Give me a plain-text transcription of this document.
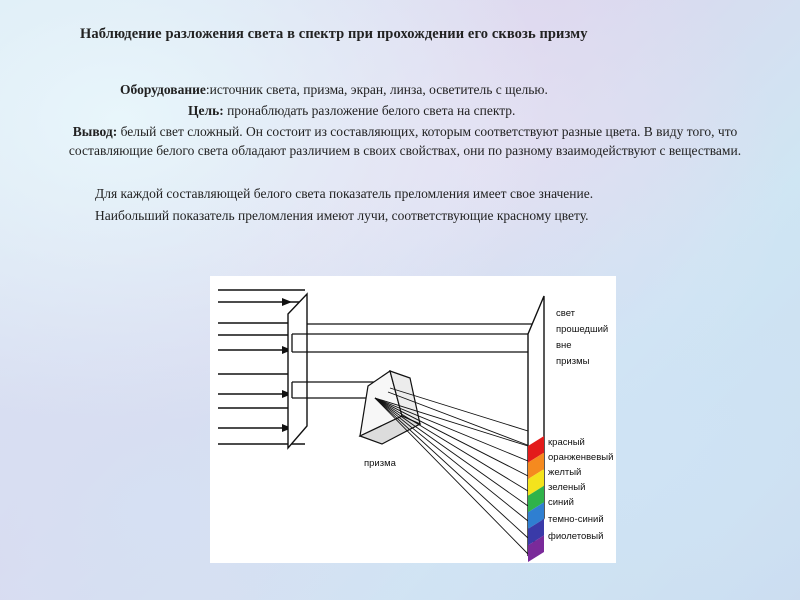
Наблюдение разложения света в спектр при прохождении его сквозь призму
Оборудование:источник света, призма, экран, линза, осветитель с щелью.
Цель: пронаблюдать разложение белого света на спектр.
Вывод: белый свет сложный. Он состоит из составляющих, которым соответствуют разные цвета. В виду того, что составляющие белого света обладают различием в своих свойствах, они по разному взаимодействуют с веществами.
Для каждой составляющей белого света показатель преломления имеет свое значение.
Наибольший показатель преломления имеют лучи, соответствующие красному цвету.
призма
свет
прошедший
вне
призмы
красный
оранженвевый
желтый
зеленый
синий
темно-синий
фиолетовый
